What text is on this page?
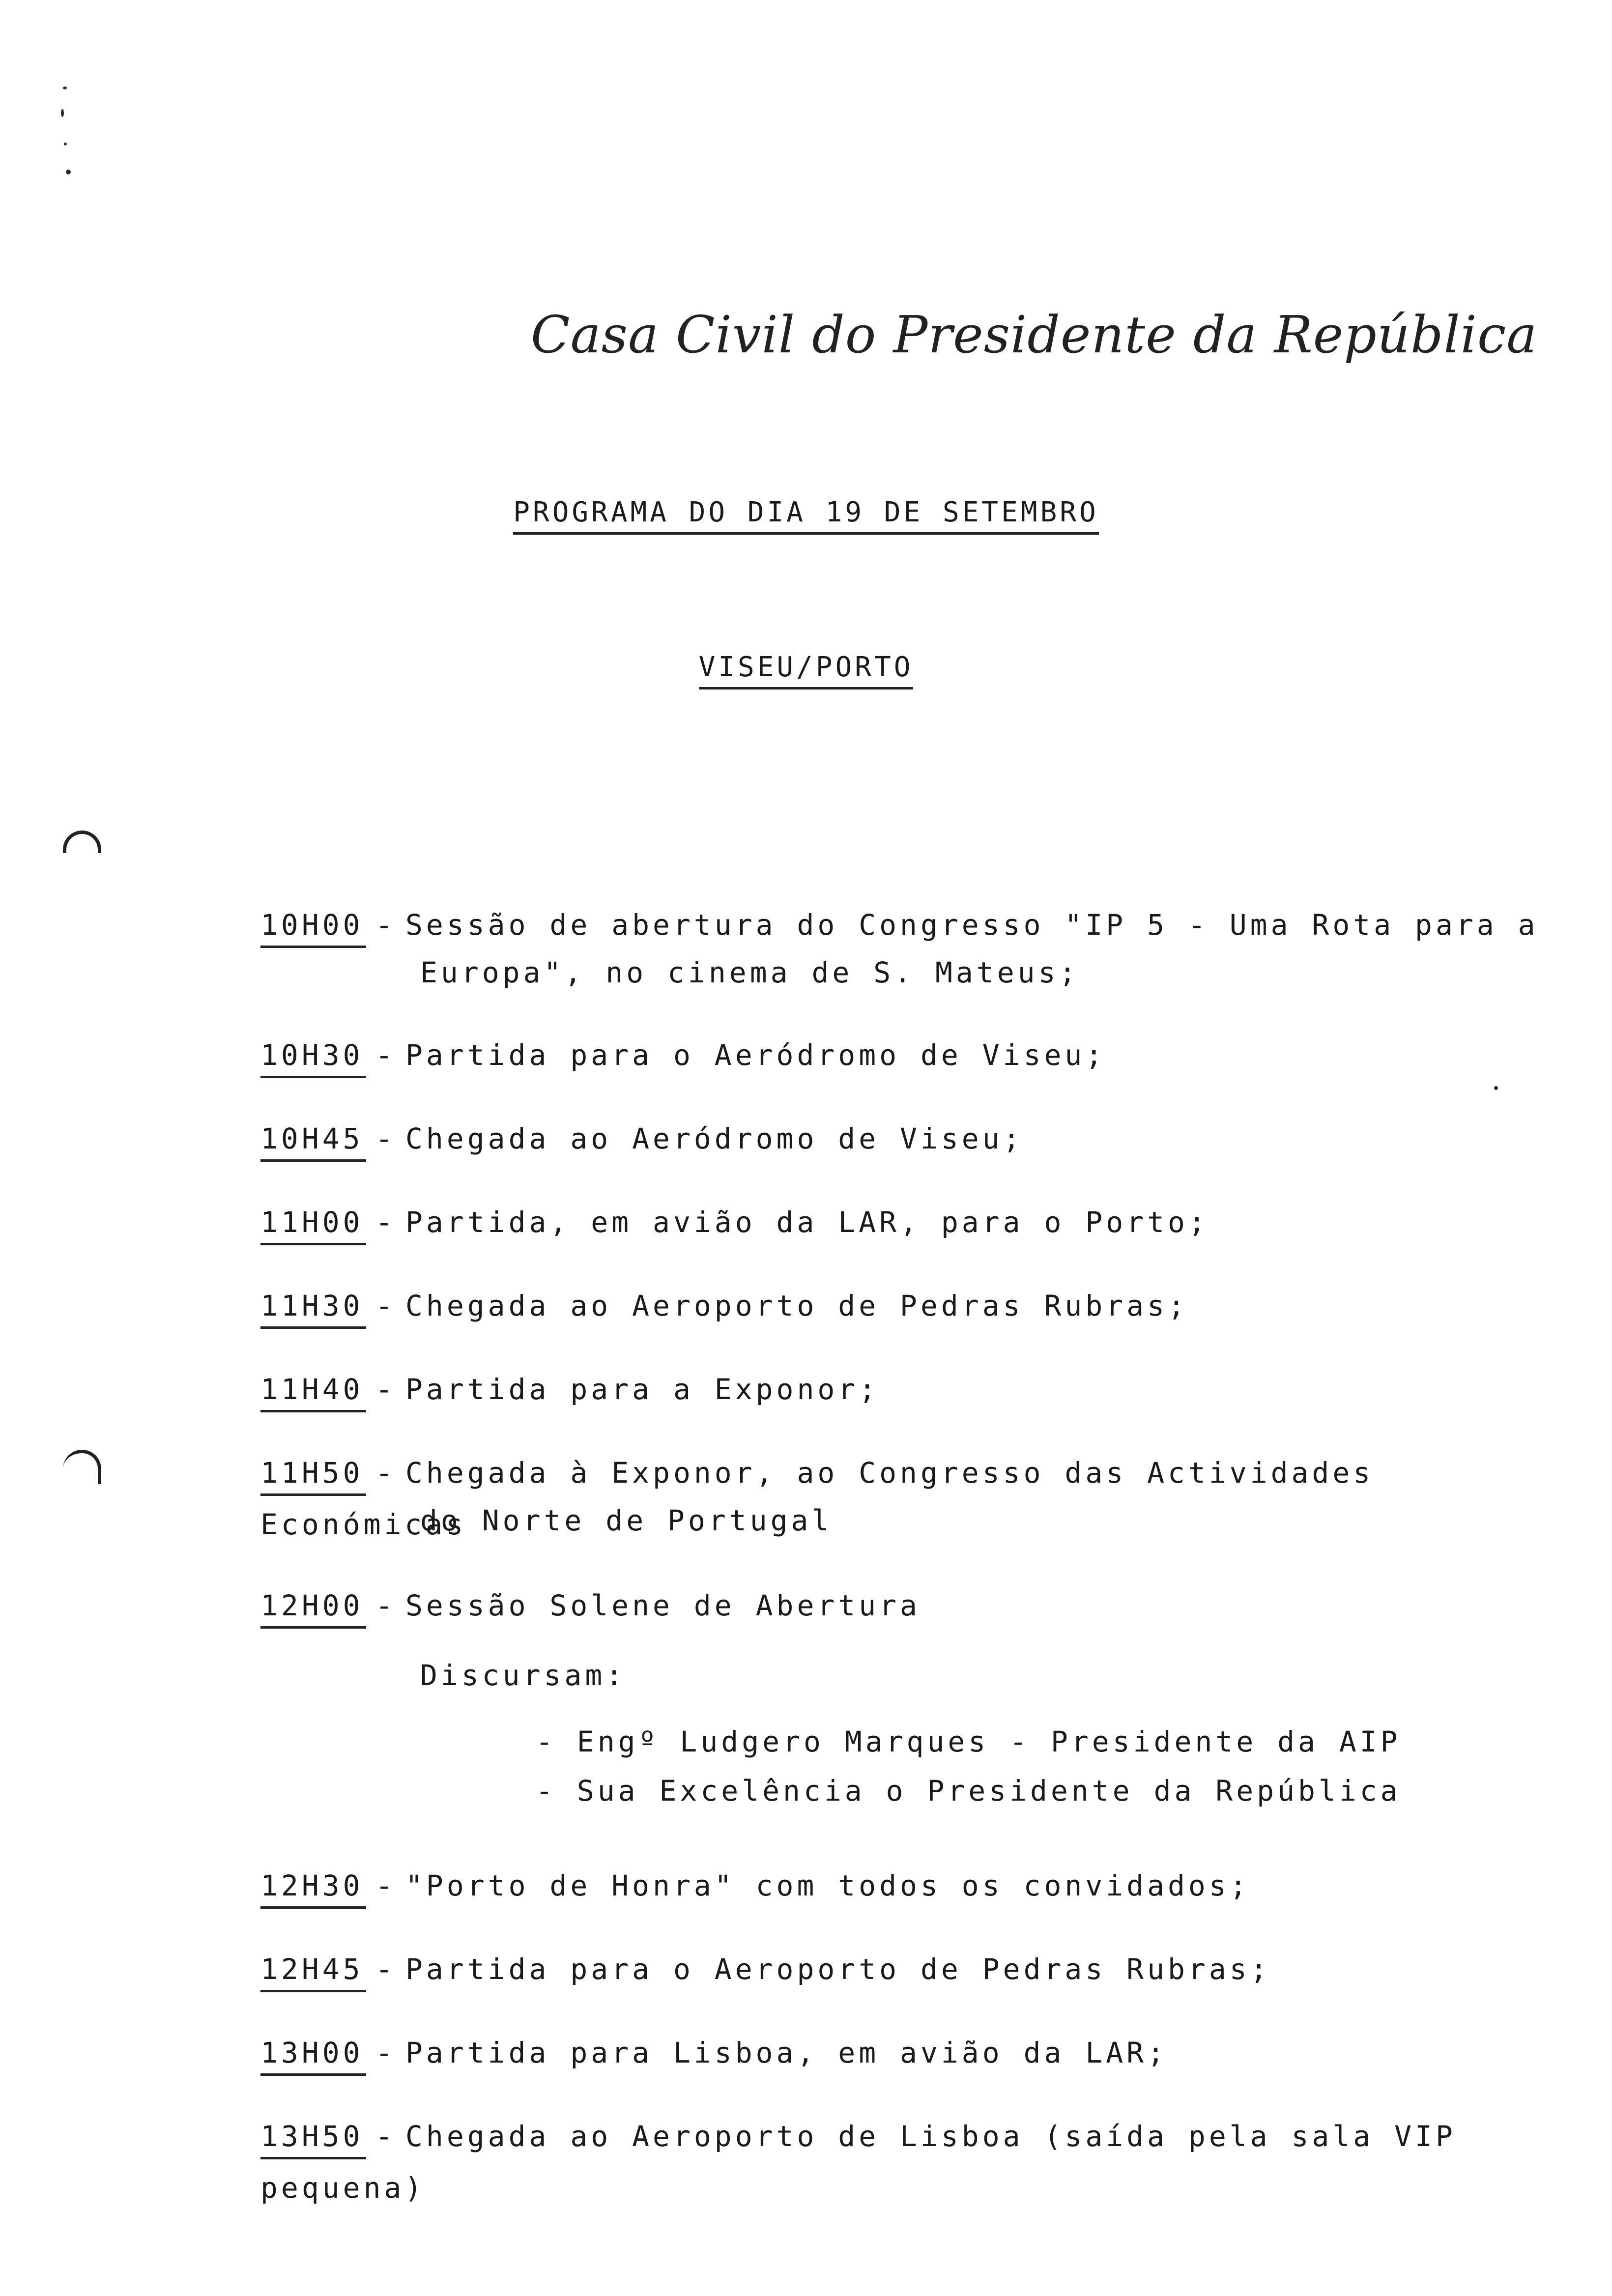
Casa Civil do Presidente da República
PROGRAMA DO DIA 19 DE SETEMBRO
VISEU/PORTO
10H00 - Sessão de abertura do Congresso "IP 5 - Uma Rota para a
Europa", no cinema de S. Mateus;
10H30 - Partida para o Aeródromo de Viseu;
10H45 - Chegada ao Aeródromo de Viseu;
11H00 - Partida, em avião da LAR, para o Porto;
11H30 - Chegada ao Aeroporto de Pedras Rubras;
11H40 - Partida para a Exponor;
11H50 - Chegada à Exponor, ao Congresso das Actividades Económicas
do Norte de Portugal
12H00 - Sessão Solene de Abertura
Discursam:
- Engº Ludgero Marques - Presidente da AIP
- Sua Excelência o Presidente da República
12H30 - "Porto de Honra" com todos os convidados;
12H45 - Partida para o Aeroporto de Pedras Rubras;
13H00 - Partida para Lisboa, em avião da LAR;
13H50 - Chegada ao Aeroporto de Lisboa (saída pela sala VIP pequena)
